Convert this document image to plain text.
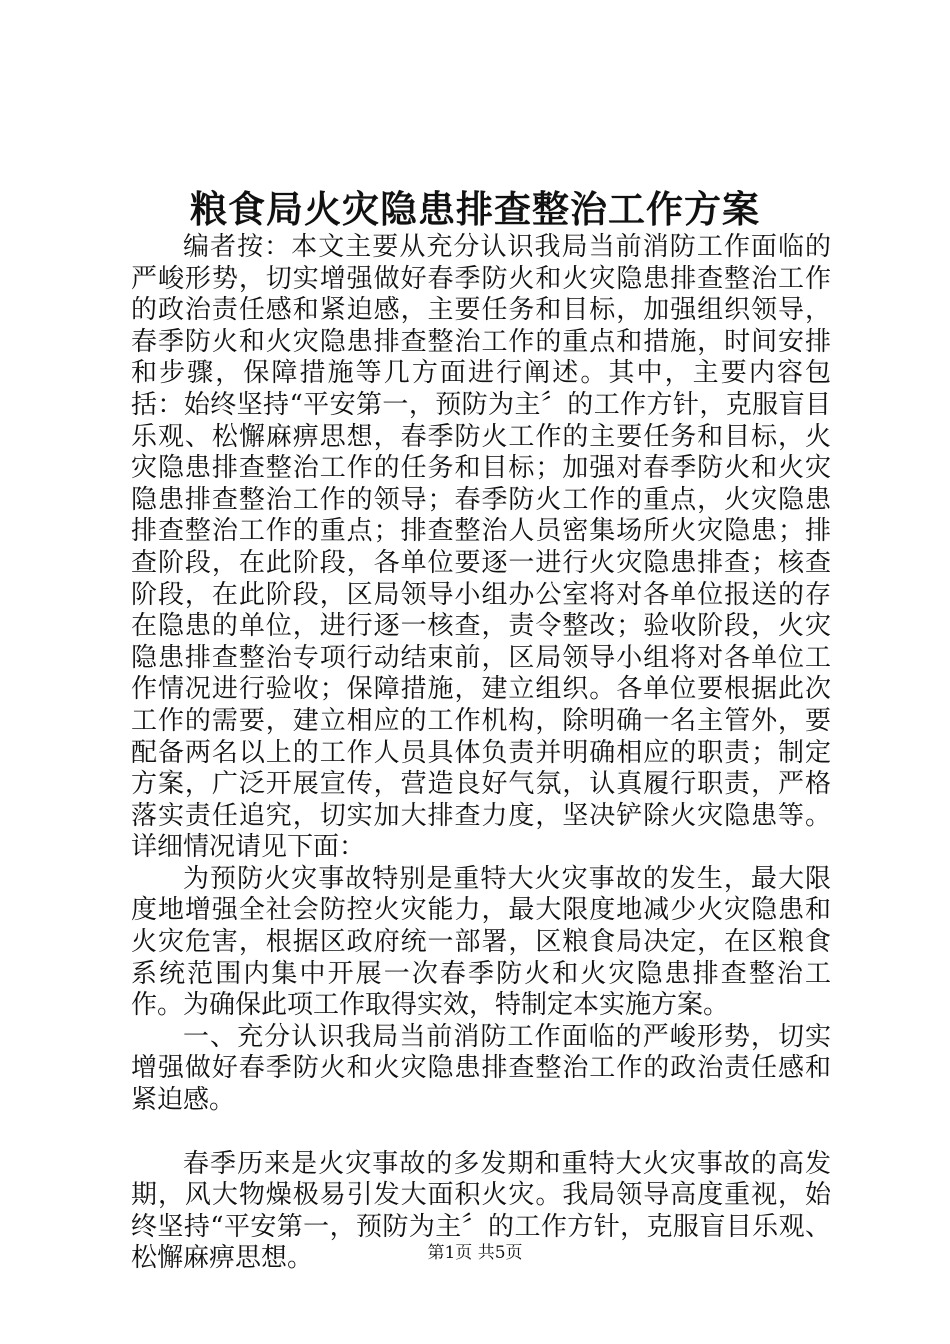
粮食局火灾隐患排查整治工作方案

编者按：本文主要从充分认识我局当前消防工作面临的严峻形势，切实增强做好春季防火和火灾隐患排查整治工作的政治责任感和紧迫感，主要任务和目标，加强组织领导，春季防火和火灾隐患排查整治工作的重点和措施，时间安排和步骤，保障措施等几方面进行阐述。其中，主要内容包括：始终坚持“平安第一，预防为主〞的工作方针，克服盲目乐观、松懈麻痹思想，春季防火工作的主要任务和目标，火灾隐患排查整治工作的任务和目标；加强对春季防火和火灾隐患排查整治工作的领导；春季防火工作的重点，火灾隐患排查整治工作的重点；排查整治人员密集场所火灾隐患；排查阶段，在此阶段，各单位要逐一进行火灾隐患排查；核查阶段，在此阶段，区局领导小组办公室将对各单位报送的存在隐患的单位，进行逐一核查，责令整改；验收阶段，火灾隐患排查整治专项行动结束前，区局领导小组将对各单位工作情况进行验收；保障措施，建立组织。各单位要根据此次工作的需要，建立相应的工作机构，除明确一名主管外，要配备两名以上的工作人员具体负责并明确相应的职责；制定方案，广泛开展宣传，营造良好气氛，认真履行职责，严格落实责任追究，切实加大排查力度，坚决铲除火灾隐患等。详细情况请见下面：

为预防火灾事故特别是重特大火灾事故的发生，最大限度地增强全社会防控火灾能力，最大限度地减少火灾隐患和火灾危害，根据区政府统一部署，区粮食局决定，在区粮食系统范围内集中开展一次春季防火和火灾隐患排查整治工作。为确保此项工作取得实效，特制定本实施方案。

一、充分认识我局当前消防工作面临的严峻形势，切实增强做好春季防火和火灾隐患排查整治工作的政治责任感和紧迫感。

春季历来是火灾事故的多发期和重特大火灾事故的高发期，风大物燥极易引发大面积火灾。我局领导高度重视，始终坚持“平安第一，预防为主〞的工作方针，克服盲目乐观、松懈麻痹思想。	第1页 共5页
